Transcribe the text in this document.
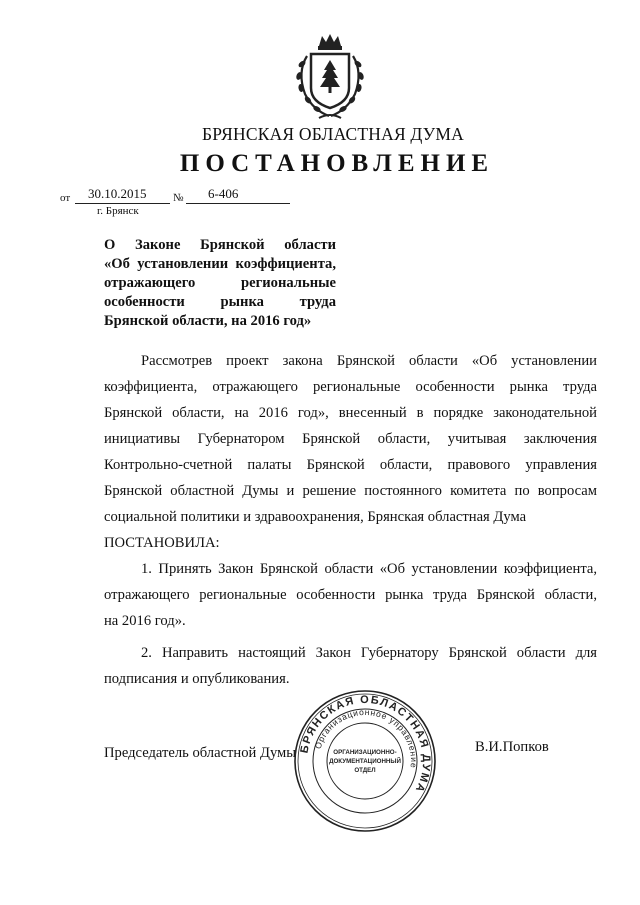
БРЯНСКАЯ ОБЛАСТНАЯ ДУМА
ПОСТАНОВЛЕНИЕ
от 30.10.2015 № 6-406
г. Брянск
О Законе Брянской области
«Об установлении коэффициента,
отражающего региональные
особенности рынка труда
Брянской области, на 2016 год»
Рассмотрев проект закона Брянской области «Об установлении
коэффициента, отражающего региональные особенности рынка труда
Брянской области, на 2016 год», внесенный в порядке законодательной
инициативы Губернатором Брянской области, учитывая заключения
Контрольно-счетной палаты Брянской области, правового управления
Брянской областной Думы и решение постоянного комитета по вопросам
социальной политики и здравоохранения, Брянская областная Дума
ПОСТАНОВИЛА:
1. Принять Закон Брянской области «Об установлении коэффициента,
отражающего региональные особенности рынка труда Брянской области,
на 2016 год».
2. Направить настоящий Закон Губернатору Брянской области для
подписания и опубликования.
Председатель областной Думы	В.И.Попков
БРЯНСКАЯ ОБЛАСТНАЯ ДУМА
Организационное управление
ОРГАНИЗАЦИОННО-
ДОКУМЕНТАЦИОННЫЙ
ОТДЕЛ
